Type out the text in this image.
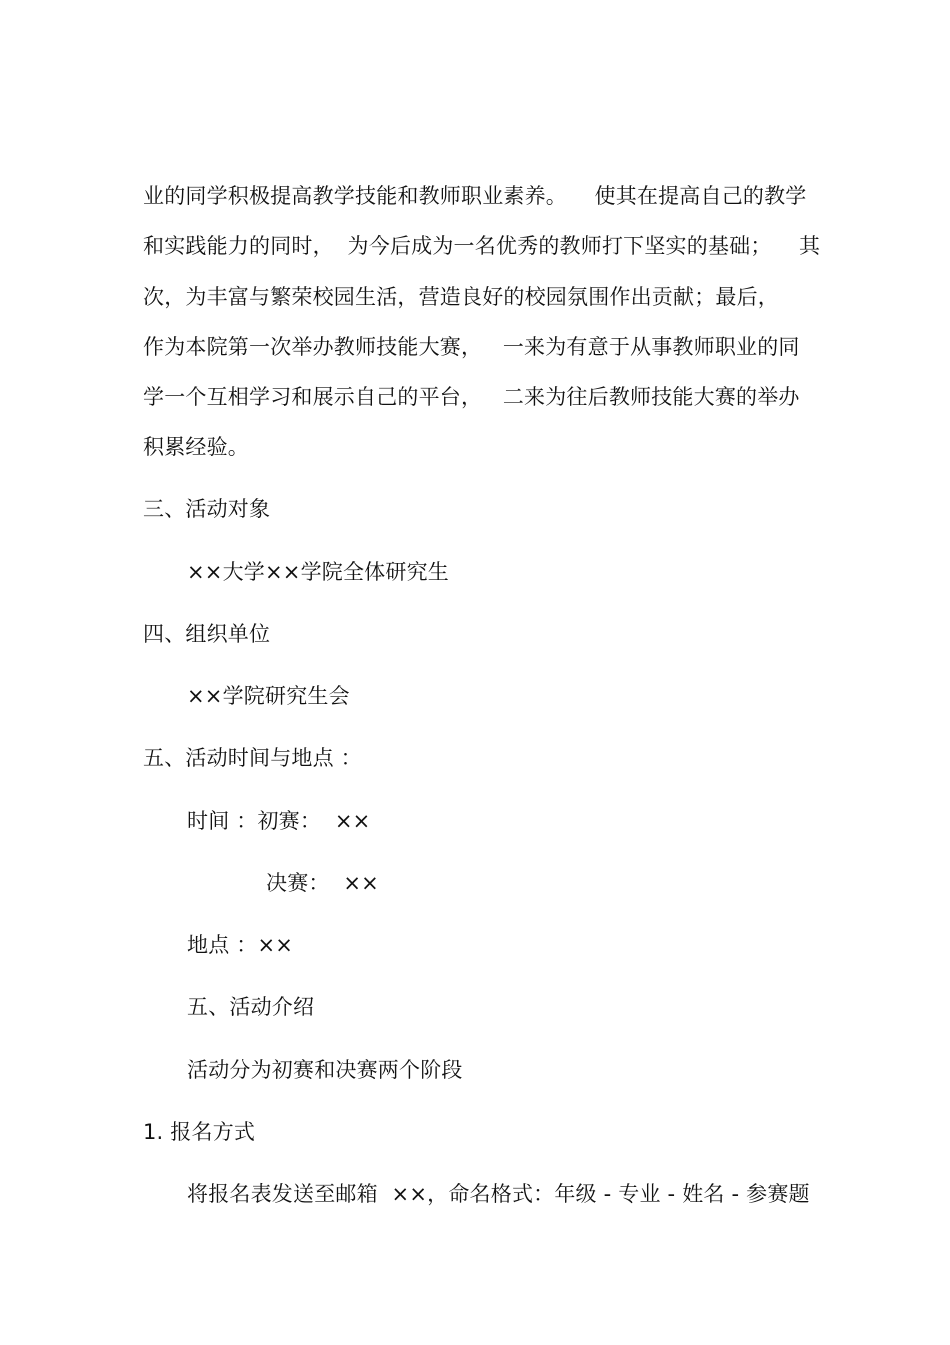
业的同学积极提高教学技能和教师职业素养。    使其在提高自己的教学
和实践能力的同时，  为今后成为一名优秀的教师打下坚实的基础；    其
次，为丰富与繁荣校园生活，营造良好的校园氛围作出贡献；最后，
作为本院第一次举办教师技能大赛，   一来为有意于从事教师职业的同
学一个互相学习和展示自己的平台，   二来为往后教师技能大赛的举办
积累经验。
三、活动对象
××大学××学院全体研究生
四、组织单位
××学院研究生会
五、活动时间与地点 ：
时间 ：初赛：  ××
决赛：  ××
地点 ：××
五、活动介绍
活动分为初赛和决赛两个阶段
1. 报名方式
将报名表发送至邮箱  ××，命名格式：年级 - 专业 - 姓名 - 参赛题
